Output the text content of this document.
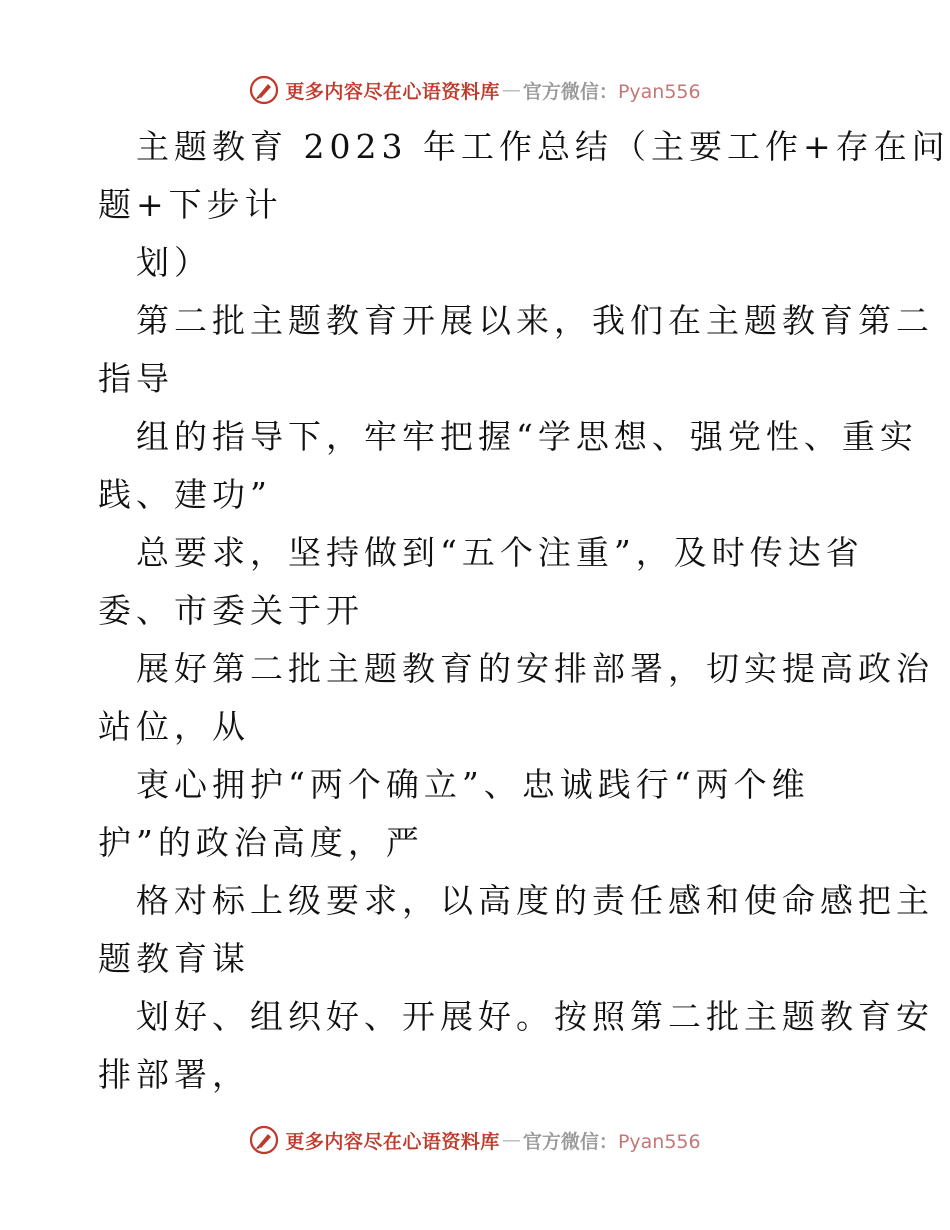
更多内容尽在心语资料库 — 官方微信：Pyan556
主题教育 2023 年工作总结（主要工作+存在问
题+下步计
划）
第二批主题教育开展以来，我们在主题教育第二
指导
组的指导下，牢牢把握“学思想、强党性、重实
践、建功”
总要求，坚持做到“五个注重”，及时传达省
委、市委关于开
展好第二批主题教育的安排部署，切实提高政治
站位，从
衷心拥护“两个确立”、忠诚践行“两个维
护”的政治高度，严
格对标上级要求，以高度的责任感和使命感把主
题教育谋
划好、组织好、开展好。按照第二批主题教育安
排部署，
更多内容尽在心语资料库 — 官方微信：Pyan556
